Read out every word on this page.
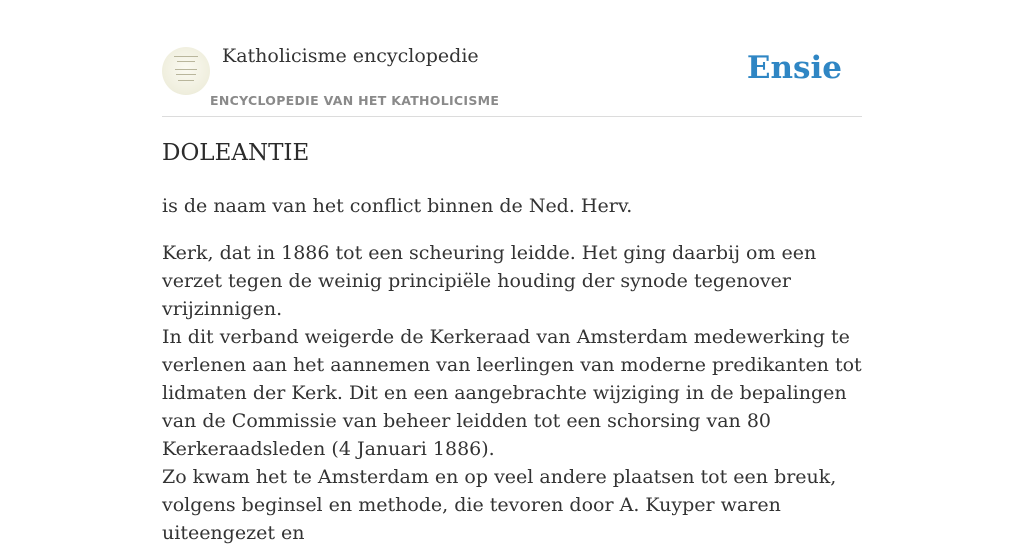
Katholicisme encyclopedie
ENCYCLOPEDIE VAN HET KATHOLICISME
Ensie
DOLEANTIE

is de naam van het conflict binnen de Ned. Herv.

Kerk, dat in 1886 tot een scheuring leidde. Het ging daarbij om een verzet tegen de weinig principiële houding der synode tegenover vrijzinnigen.

In dit verband weigerde de Kerkeraad van Amsterdam medewerking te verlenen aan het aannemen van leerlingen van moderne predikanten tot lidmaten der Kerk. Dit en een aangebrachte wijziging in de bepalingen van de Commissie van beheer leidden tot een schorsing van 80 Kerkeraadsleden (4 Januari 1886).

Zo kwam het te Amsterdam en op veel andere plaatsen tot een breuk, volgens beginsel en methode, die tevoren door A. Kuyper waren uiteengezet en
